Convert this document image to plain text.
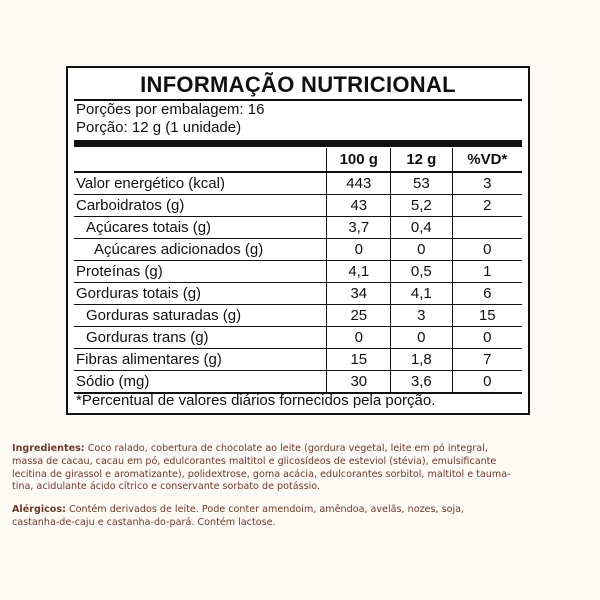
INFORMAÇÃO NUTRICIONAL
Porções por embalagem: 16
Porção: 12 g (1 unidade)
	100 g	12 g	%VD*
Valor energético (kcal)	443	53	3
Carboidratos (g)	43	5,2	2
Açúcares totais (g)	3,7	0,4	
Açúcares adicionados (g)	0	0	0
Proteínas (g)	4,1	0,5	1
Gorduras totais (g)	34	4,1	6
Gorduras saturadas (g)	25	3	15
Gorduras trans (g)	0	0	0
Fibras alimentares (g)	15	1,8	7
Sódio (mg)	30	3,6	0
*Percentual de valores diários fornecidos pela porção.
Ingredientes: Coco ralado, cobertura de chocolate ao leite (gordura vegetal, leite em pó integral,
massa de cacau, cacau em pó, edulcorantes maltitol e glicosídeos de esteviol (stévia), emulsificante
lecitina de girassol e aromatizante), polidextrose, goma acácia, edulcorantes sorbitol, maltitol e tauma-
tina, acidulante ácido cítrico e conservante sorbato de potássio.
Alérgicos: Contém derivados de leite. Pode conter amendoim, amêndoa, avelãs, nozes, soja,
castanha-de-caju e castanha-do-pará. Contém lactose.
